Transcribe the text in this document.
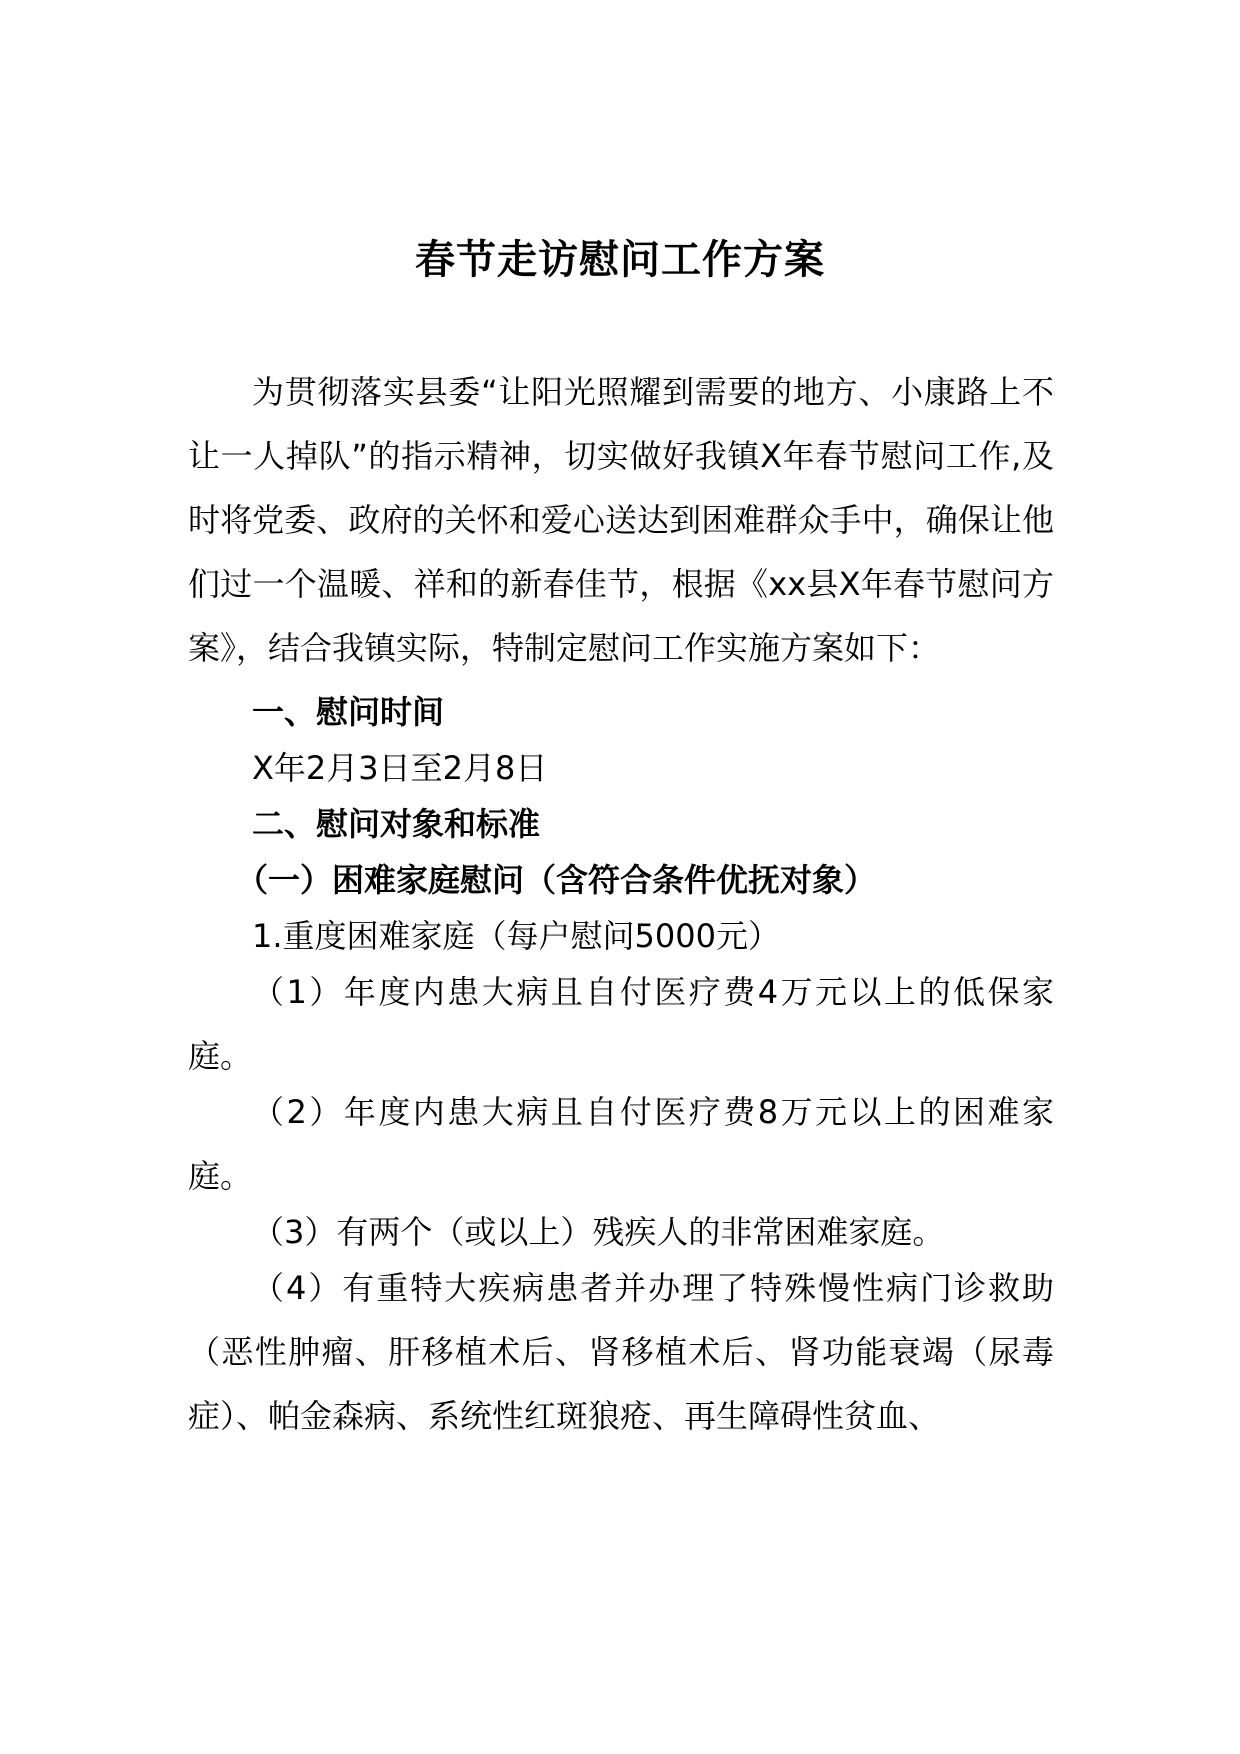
春节走访慰问工作方案
为贯彻落实县委“让阳光照耀到需要的地方、小康路上不让一人掉队”的指示精神，切实做好我镇X年春节慰问工作,及时将党委、政府的关怀和爱心送达到困难群众手中，确保让他们过一个温暖、祥和的新春佳节，根据《xx县X年春节慰问方案》，结合我镇实际，特制定慰问工作实施方案如下：
一、慰问时间
X年2月3日至2月8日
二、慰问对象和标准
（一）困难家庭慰问（含符合条件优抚对象）
1.重度困难家庭（每户慰问5000元）
（1）年度内患大病且自付医疗费4万元以上的低保家庭。
（2）年度内患大病且自付医疗费8万元以上的困难家庭。
（3）有两个（或以上）残疾人的非常困难家庭。
（4）有重特大疾病患者并办理了特殊慢性病门诊救助（恶性肿瘤、肝移植术后、肾移植术后、肾功能衰竭（尿毒症）、帕金森病、系统性红斑狼疮、再生障碍性贫血、
